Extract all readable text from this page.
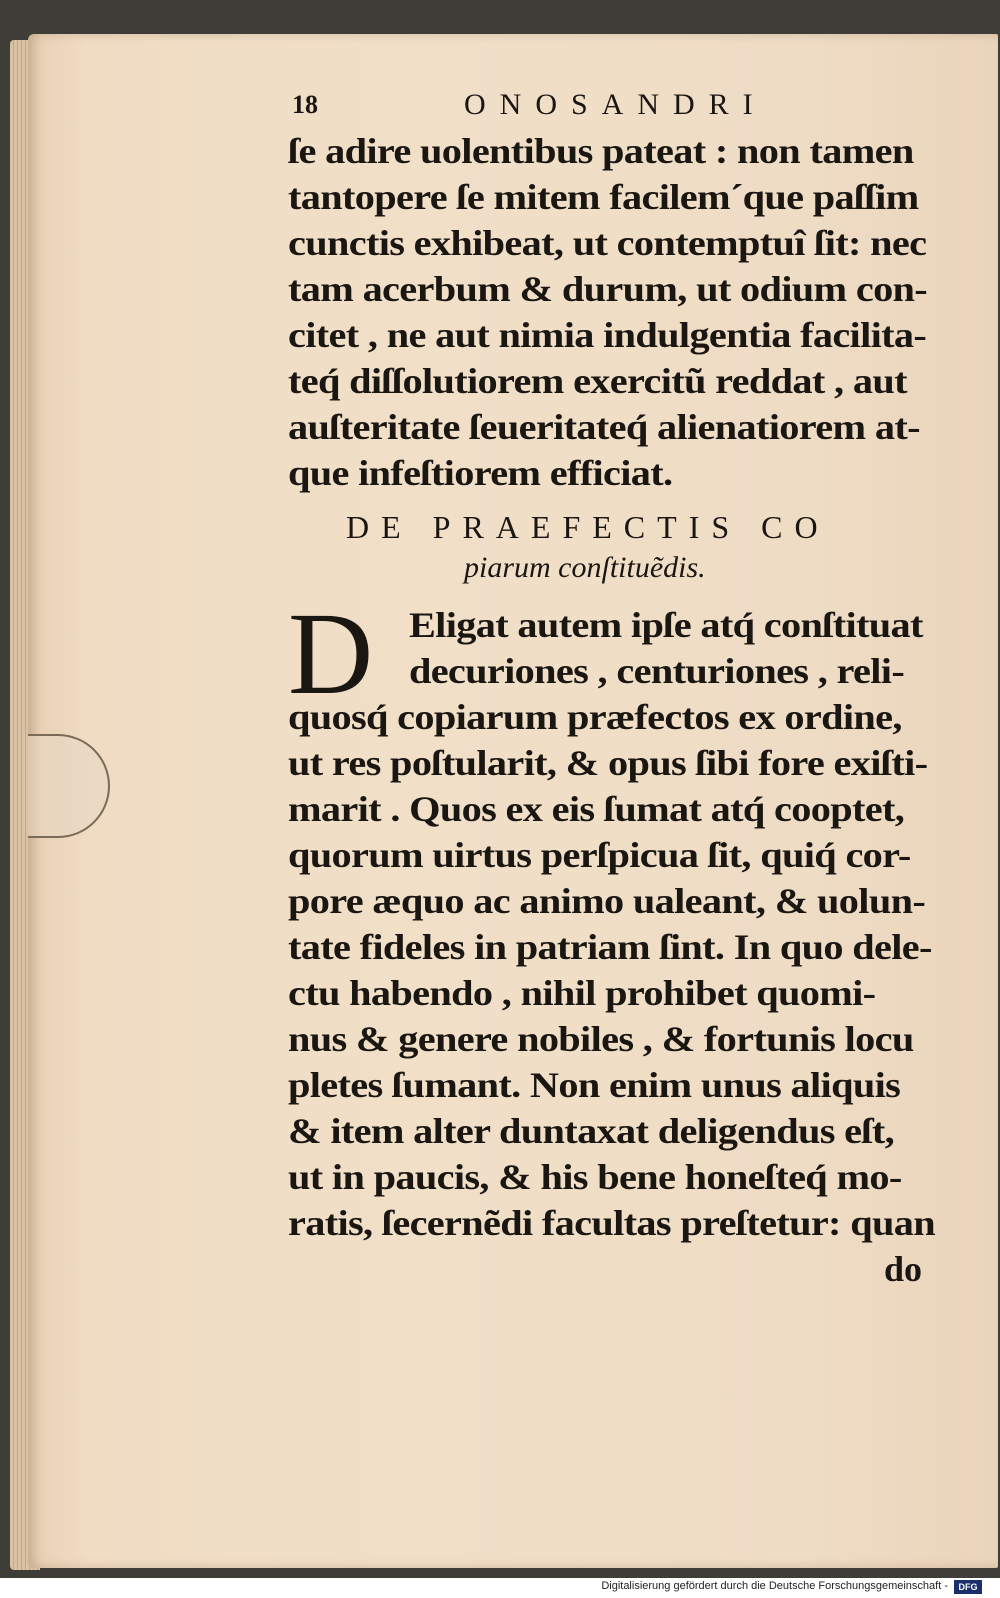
18	ONOSANDRI
ſe adire uolentibus pateat : non tamen
tantopere ſe mitem facilem´que paſſim
cunctis exhibeat, ut contemptuî ſit: nec
tam acerbum & durum, ut odium con-
citet , ne aut nimia indulgentia facilita-
teq́ diſſolutiorem exercitũ reddat , aut
auſteritate ſeueritateq́ alienatiorem at-
que infeſtiorem efficiat.
DE PRAEFECTIS CO
piarum conſtituẽdis.
D Eligat autem ipſe atq́ conſtituat
decuriones , centuriones , reli-
quosq́ copiarum præfectos ex ordine,
ut res poſtularit, & opus ſibi fore exiſti-
marit . Quos ex eis ſumat atq́ cooptet,
quorum uirtus perſpicua ſit, quiq́ cor-
pore æquo ac animo ualeant, & uolun-
tate fideles in patriam ſint. In quo dele-
ctu habendo , nihil prohibet quomi-
nus & genere nobiles , & fortunis locu
pletes ſumant. Non enim unus aliquis
& item alter duntaxat deligendus eſt,
ut in paucis, & his bene honeſteq́ mo-
ratis, ſecernẽdi facultas preſtetur: quan
do
Digitalisierung gefördert durch die Deutsche Forschungsgemeinschaft -	DFG
